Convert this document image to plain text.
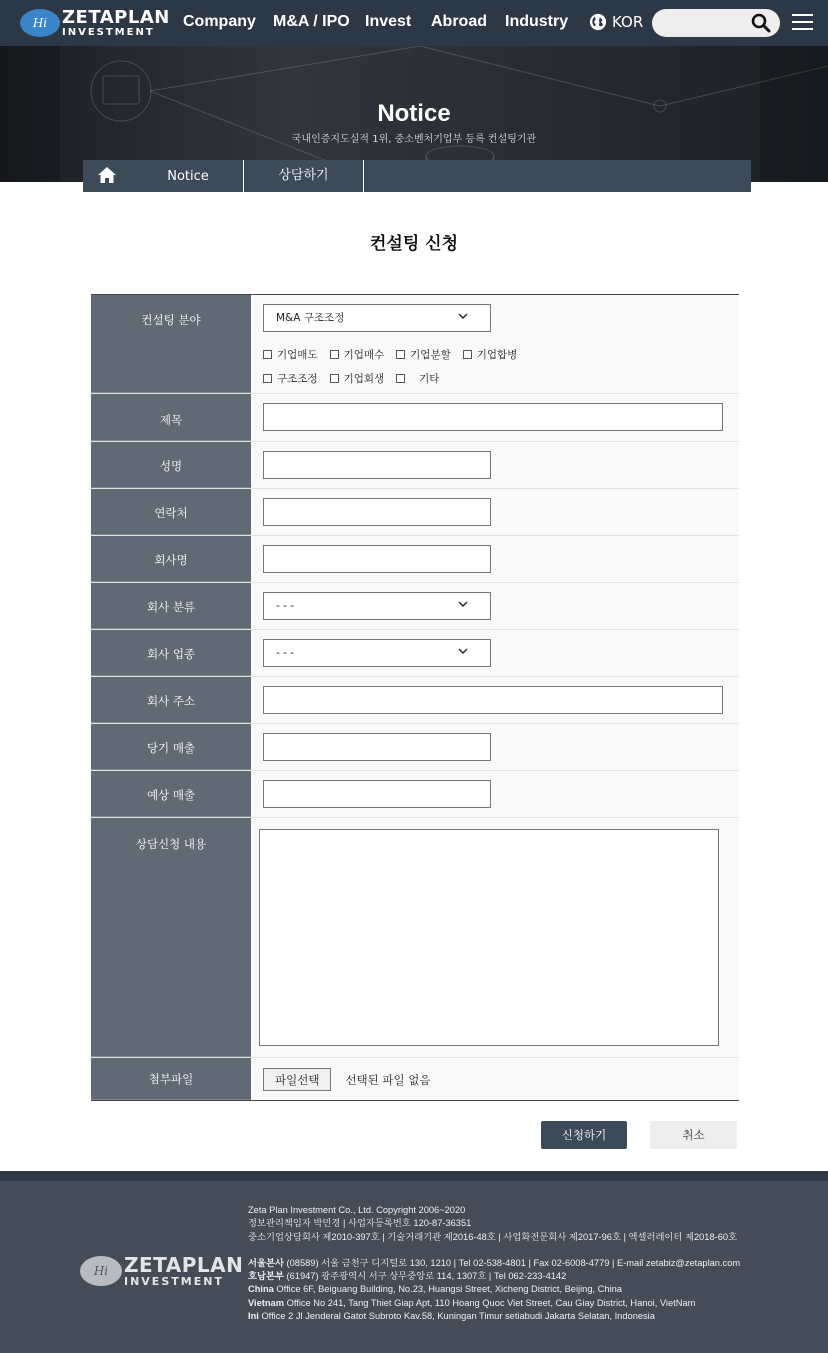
Hi ZETAPLAN
INVESTMENT
Company M&A / IPO Invest Abroad Industry	KOR
Notice
국내인증지도실적 1위, 중소벤처기업부 등록 컨설팅기관
Notice	상담하기
컨설팅 신청
컨설팅 분야	M&A 구조조정
기업매도 기업매수 기업분할 기업합병
구조조정 기업회생	기타
제목
성명
연락처
회사명
회사 분류	- - -
회사 업종	- - -
회사 주소
당기 매출
예상 매출
상담신청 내용
첨부파일	파일선택	선택된 파일 없음
신청하기	취소
Hi ZETAPLAN
INVESTMENT
Zeta Plan Investment Co., Ltd. Copyright 2006~2020
정보관리책임자 박민경 | 사업자등록번호 120-87-36351
중소기업상담회사 제2010-397호 | 기술거래기관 제2016-48호 | 사업화전문회사 제2017-96호 | 엑셀러레이터 제2018-60호
서울본사 (08589) 서울 금천구 디지털로 130, 1210 | Tel 02-538-4801 | Fax 02-6008-4779 | E-mail zetabiz@zetaplan.com
호남본부 (61947) 광주광역시 서구 상무중앙로 114, 1307호 | Tel 062-233-4142
China Office 6F, Beiguang Building, No.23, Huangsi Street, Xicheng District, Beijing, China
Vietnam Office No 241, Tang Thiet Giap Apt, 110 Hoang Quoc Viet Street, Cau Giay District, Hanoi, VietNam
Ini Office 2 Jl Jenderal Gatot Subroto Kav.58, Kuningan Timur setiabudi Jakarta Selatan, Indonesia
